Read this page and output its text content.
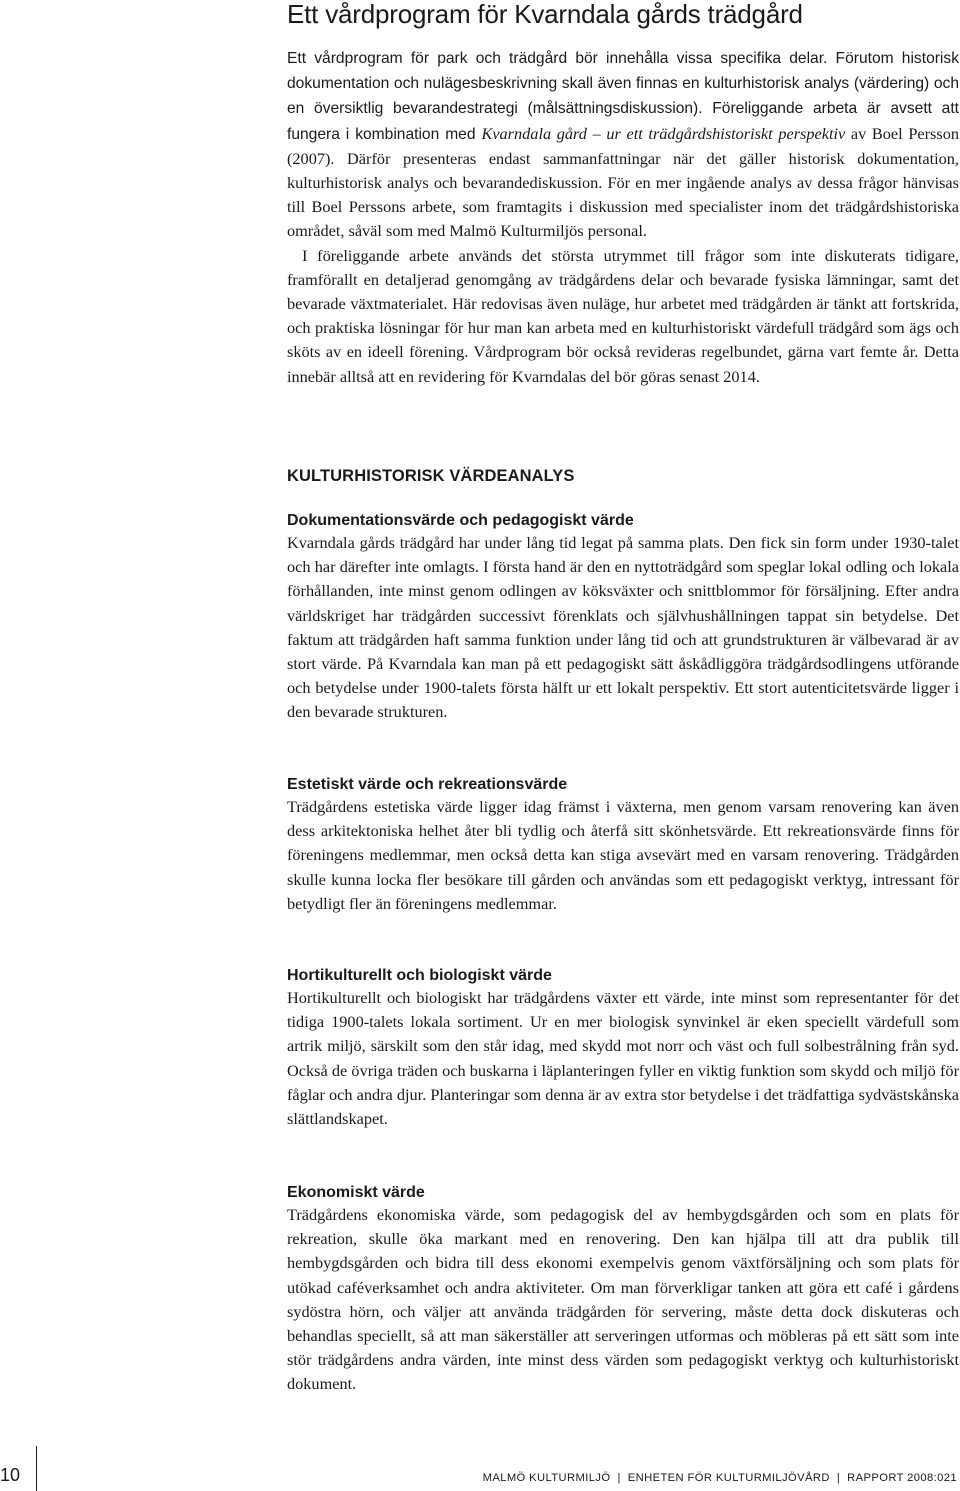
Ett vårdprogram för Kvarndala gårds trädgård

Ett vårdprogram för park och trädgård bör innehålla vissa specifika delar. Förutom historisk dokumentation och nulägesbeskrivning skall även finnas en kulturhistorisk analys (värdering) och en översiktlig bevarandestrategi (målsättningsdiskussion). Föreliggande arbeta är avsett att fungera i kombination med Kvarndala gård – ur ett trädgårdshistoriskt perspektiv av Boel Persson (2007). Därför presenteras endast sammanfattningar när det gäller historisk dokumentation, kulturhistorisk analys och bevarandediskussion. För en mer ingående analys av dessa frågor hänvisas till Boel Perssons arbete, som framtagits i diskussion med specialister inom det trädgårdshistoriska området, såväl som med Malmö Kulturmiljös personal.

I föreliggande arbete används det största utrymmet till frågor som inte diskuterats tidigare, framförallt en detaljerad genomgång av trädgårdens delar och bevarade fysiska lämningar, samt det bevarade växtmaterialet. Här redovisas även nuläge, hur arbetet med trädgården är tänkt att fortskrida, och praktiska lösningar för hur man kan arbeta med en kulturhistoriskt värdefull trädgård som ägs och sköts av en ideell förening. Vårdprogram bör också revideras regelbundet, gärna vart femte år. Detta innebär alltså att en revidering för Kvarndalas del bör göras senast 2014.

KULTURHISTORISK VÄRDEANALYS
Dokumentationsvärde och pedagogiskt värde

Kvarndala gårds trädgård har under lång tid legat på samma plats. Den fick sin form under 1930-talet och har därefter inte omlagts. I första hand är den en nyttoträdgård som speglar lokal odling och lokala förhållanden, inte minst genom odlingen av köksväxter och snittblommor för försäljning. Efter andra världskriget har trädgården successivt förenklats och självhushållningen tappat sin betydelse. Det faktum att trädgården haft samma funktion under lång tid och att grundstrukturen är välbevarad är av stort värde. På Kvarndala kan man på ett pedagogiskt sätt åskådliggöra trädgårdsodlingens utförande och betydelse under 1900-talets första hälft ur ett lokalt perspektiv. Ett stort autenticitetsvärde ligger i den bevarade strukturen.

Estetiskt värde och rekreationsvärde

Trädgårdens estetiska värde ligger idag främst i växterna, men genom varsam renovering kan även dess arkitektoniska helhet åter bli tydlig och återfå sitt skönhetsvärde. Ett rekreationsvärde finns för föreningens medlemmar, men också detta kan stiga avsevärt med en varsam renovering. Trädgården skulle kunna locka fler besökare till gården och användas som ett pedagogiskt verktyg, intressant för betydligt fler än föreningens medlemmar.

Hortikulturellt och biologiskt värde

Hortikulturellt och biologiskt har trädgårdens växter ett värde, inte minst som representanter för det tidiga 1900-talets lokala sortiment. Ur en mer biologisk synvinkel är eken speciellt värdefull som artrik miljö, särskilt som den står idag, med skydd mot norr och väst och full solbestrålning från syd. Också de övriga träden och buskarna i läplanteringen fyller en viktig funktion som skydd och miljö för fåglar och andra djur. Planteringar som denna är av extra stor betydelse i det trädfattiga sydvästskånska slättlandskapet.

Ekonomiskt värde

Trädgårdens ekonomiska värde, som pedagogisk del av hembygdsgården och som en plats för rekreation, skulle öka markant med en renovering. Den kan hjälpa till att dra publik till hembygdsgården och bidra till dess ekonomi exempelvis genom växtförsäljning och som plats för utökad caféverksamhet och andra aktiviteter. Om man förverkligar tanken att göra ett café i gårdens sydöstra hörn, och väljer att använda trädgården för servering, måste detta dock diskuteras och behandlas speciellt, så att man säkerställer att serveringen utformas och möbleras på ett sätt som inte stör trädgårdens andra värden, inte minst dess värden som pedagogiskt verktyg och kulturhistoriskt dokument.

10	MALMÖ KULTURMILJÖ  |  ENHETEN FÖR KULTURMILJÖVÅRD  |  RAPPORT 2008:021
